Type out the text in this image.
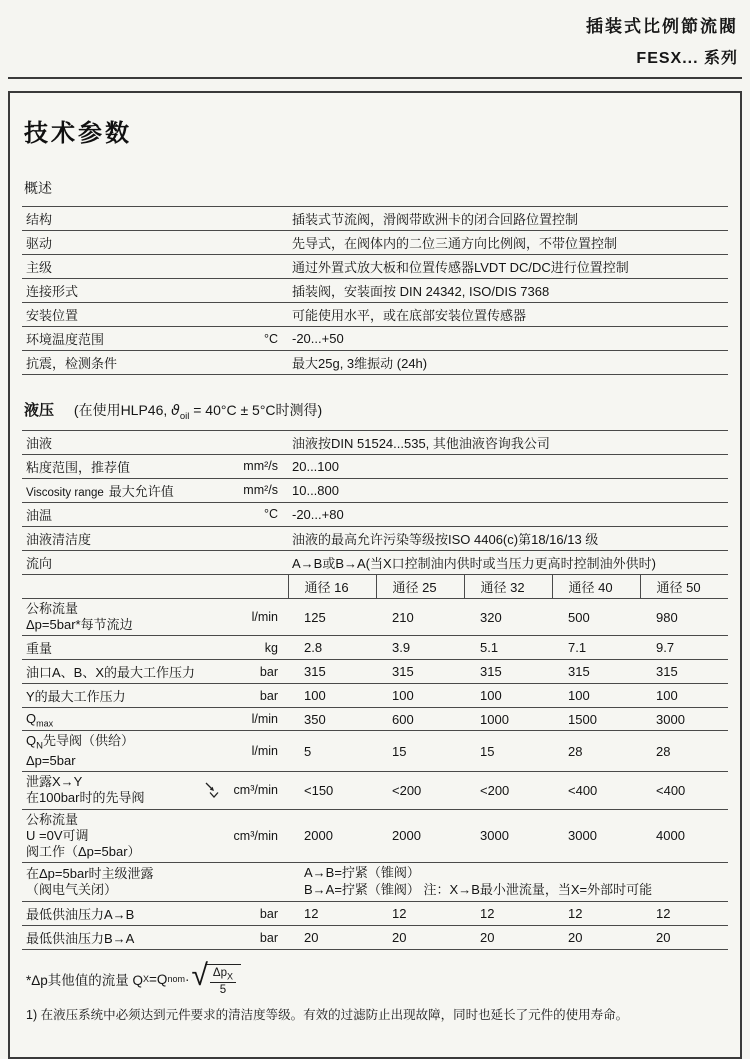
插装式比例節流閥
FESX... 系列
技术参数
概述
结构	插装式节流阀，滑阀带欧洲卡的闭合回路位置控制

驱动	先导式，在阀体内的二位三通方向比例阀，不带位置控制

主级	通过外置式放大板和位置传感器LVDT DC/DC进行位置控制

连接形式	插装阀，安装面按 DIN 24342, ISO/DIS 7368

安装位置	可能使用水平，或在底部安装位置传感器

环境温度范围 °C	-20...+50

抗震，检测条件	最大25g, 3维振动 (24h)
液压 (在使用HLP46, $ϑ_{oil} = 40^\circ C \pm 5^\circ C$时测得)
油液	油液按DIN 51524...535, 其他油液咨询我公司

粘度范围，推荐值 mm²/s	20...100

Viscosity range 最大允许值 mm²/s	10...800

油温 °C	-20...+80

油液清洁度	油液的最高允许污染等级按ISO 4406(c)第18/16/13 级

流向	A→B或B→A(当X口控制油内供时或当压力更高时控制油外供时)
	通径 16	通径 25	通径 32	通径 40	通径 50

公称流量
Δp=5bar*每节流边 l/min	125	210	320	500	980

重量 kg	2.8	3.9	5.1	7.1	9.7

油口A、B、X的最大工作压力 bar	315	315	315	315	315

Y的最大工作压力 bar	100	100	100	100	100

$Q_{max}$ l/min	350	600	1000	1500	3000

$Q_N$先导阀（供给）
Δp=5bar
l/min	5	15	15	28	28

泄露X→Y
在100bar时的先导阀 cm³/min	<150	<200	<200	<400	<400

公称流量
U =0V可调
阀工作（Δp=5bar）
cm³/min	2000	2000	3000	3000	4000

在Δp=5bar时主级泄露
（阀电气关闭）

A→B=拧紧（锥阀）
B→A=拧紧（锥阀） 注：X→B最小泄流量，当X=外部时可能

最低供油压力A→B bar	12	12	12	12	12

最低供油压力B→A bar	20	20	20	20	20
*Δp其他值的流量 Q X =Q nom · √
$\frac{\Delta p_X}{5}$
1) 在液压系统中必须达到元件要求的清洁度等级。有效的过滤防止出现故障，同时也延长了元件的使用寿命。
